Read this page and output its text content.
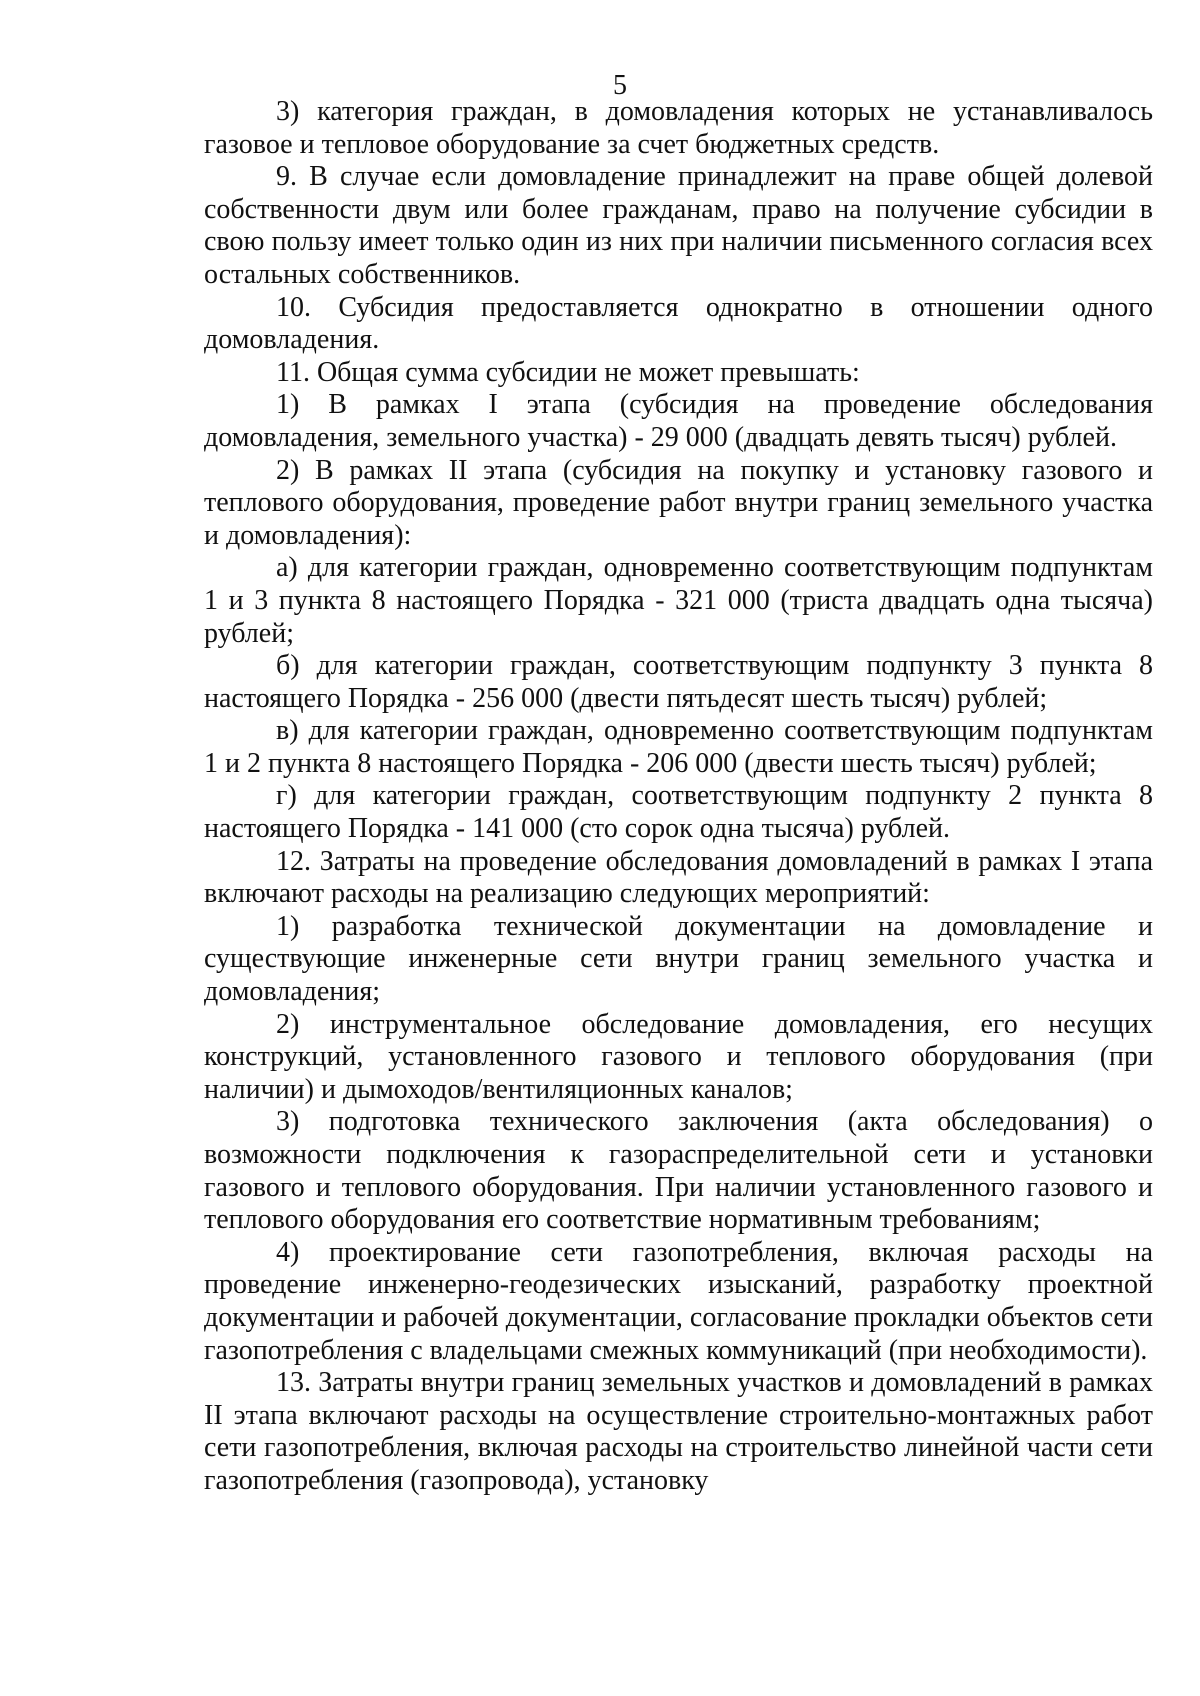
5

3) категория граждан, в домовладения которых не устанавливалось газовое и тепловое оборудование за счет бюджетных средств.

9. В случае если домовладение принадлежит на праве общей долевой собственности двум или более гражданам, право на получение субсидии в свою пользу имеет только один из них при наличии письменного согласия всех остальных собственников.

10. Субсидия предоставляется однократно в отношении одного домовладения.

11. Общая сумма субсидии не может превышать:

1) В рамках I этапа (субсидия на проведение обследования домовладения, земельного участка) - 29 000 (двадцать девять тысяч) рублей.

2) В рамках II этапа (субсидия на покупку и установку газового и теплового оборудования, проведение работ внутри границ земельного участка и домовладения):

а) для категории граждан, одновременно соответствующим подпунктам 1 и 3 пункта 8 настоящего Порядка - 321 000 (триста двадцать одна тысяча) рублей;

б) для категории граждан, соответствующим подпункту 3 пункта 8 настоящего Порядка - 256 000 (двести пятьдесят шесть тысяч) рублей;

в) для категории граждан, одновременно соответствующим подпунктам 1 и 2 пункта 8 настоящего Порядка - 206 000 (двести шесть тысяч) рублей;

г) для категории граждан, соответствующим подпункту 2 пункта 8 настоящего Порядка - 141 000 (сто сорок одна тысяча) рублей.

12. Затраты на проведение обследования домовладений в рамках I этапа включают расходы на реализацию следующих мероприятий:

1) разработка технической документации на домовладение и существующие инженерные сети внутри границ земельного участка и домовладения;

2) инструментальное обследование домовладения, его несущих конструкций, установленного газового и теплового оборудования (при наличии) и дымоходов/вентиляционных каналов;

3) подготовка технического заключения (акта обследования) о возможности подключения к газораспределительной сети и установки газового и теплового оборудования. При наличии установленного газового и теплового оборудования его соответствие нормативным требованиям;

4) проектирование сети газопотребления, включая расходы на проведение инженерно-геодезических изысканий, разработку проектной документации и рабочей документации, согласование прокладки объектов сети газопотребления с владельцами смежных коммуникаций (при необходимости).

13. Затраты внутри границ земельных участков и домовладений в рамках II этапа включают расходы на осуществление строительно-монтажных работ сети газопотребления, включая расходы на строительство линейной части сети газопотребления (газопровода), установку
